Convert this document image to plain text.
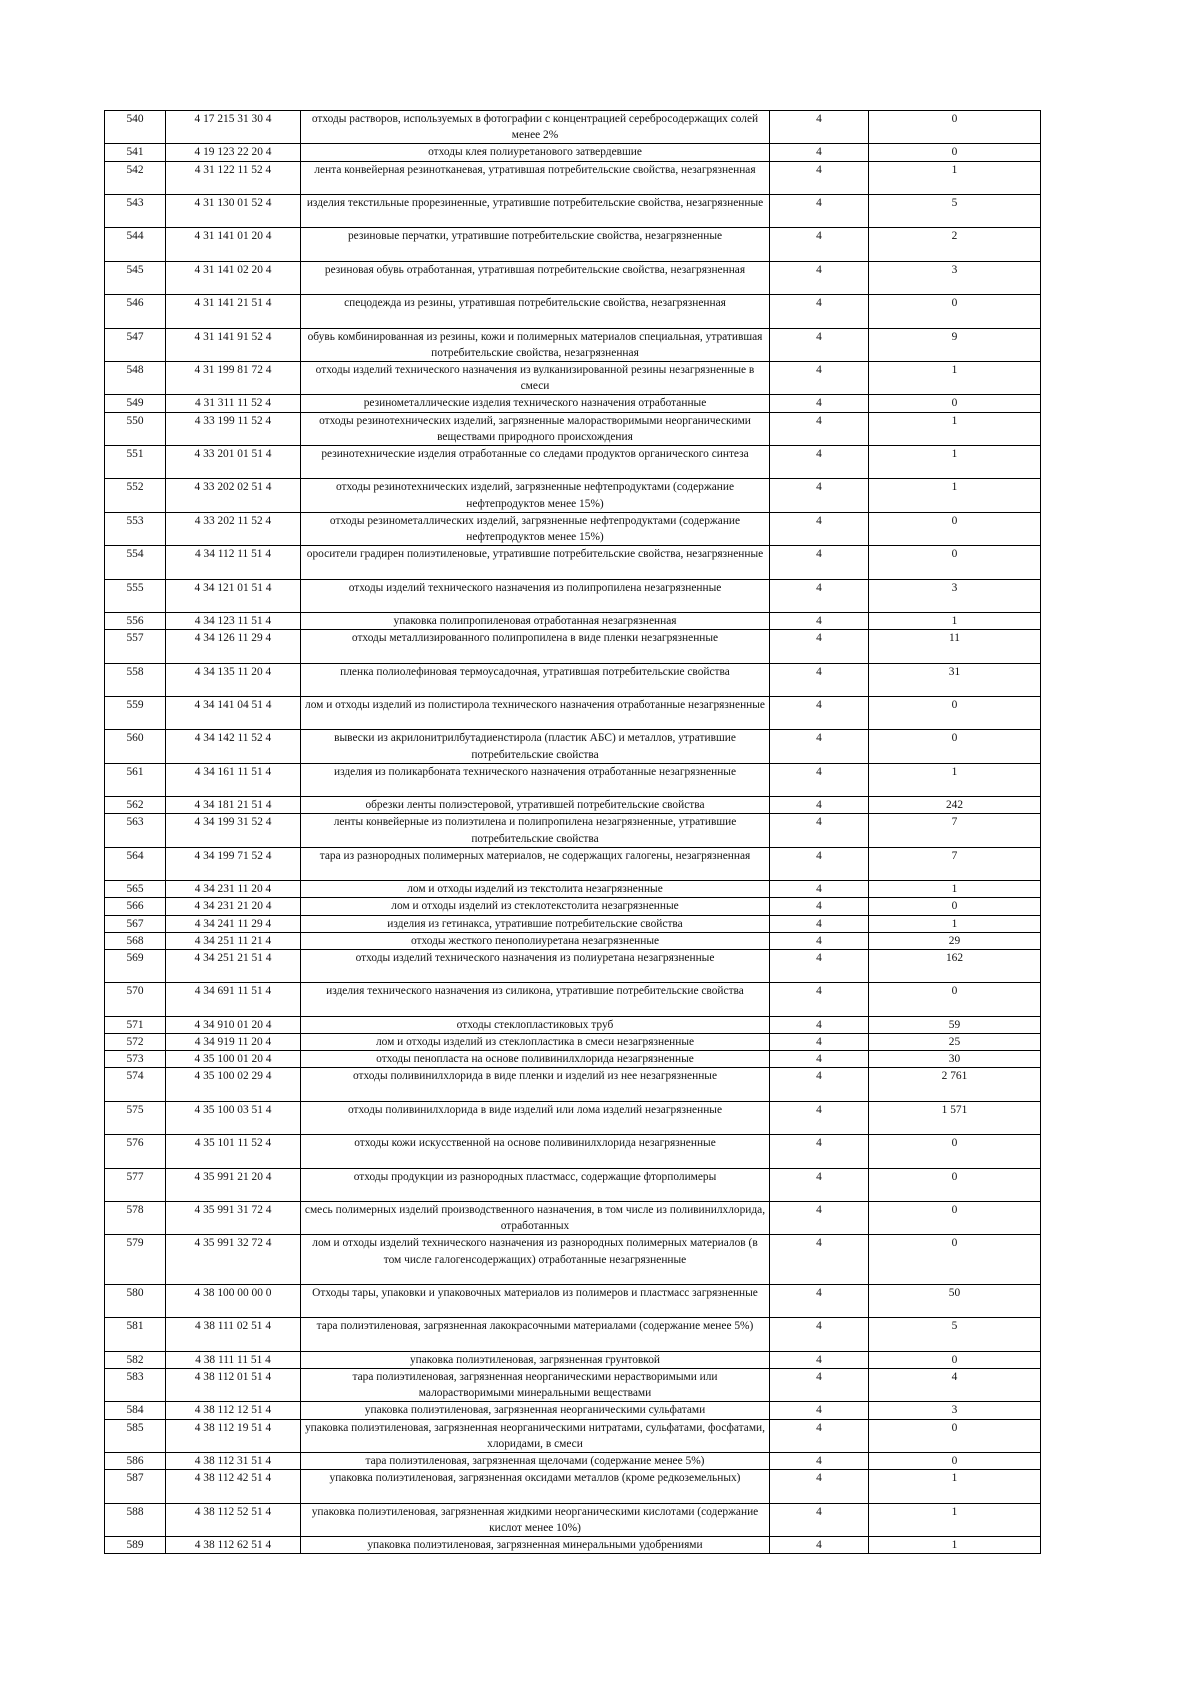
540	4 17 215 31 30 4	отходы растворов, используемых в фотографии с концентрацией серебросодержащих солей менее 2%	4	0
541	4 19 123 22 20 4	отходы клея полиуретанового затвердевшие	4	0
542	4 31 122 11 52 4	лента конвейерная резинотканевая, утратившая потребительские свойства, незагрязненная	4	1
543	4 31 130 01 52 4	изделия текстильные прорезиненные, утратившие потребительские свойства, незагрязненные	4	5
544	4 31 141 01 20 4	резиновые перчатки, утратившие потребительские свойства, незагрязненные	4	2
545	4 31 141 02 20 4	резиновая обувь отработанная, утратившая потребительские свойства, незагрязненная	4	3
546	4 31 141 21 51 4	спецодежда из резины, утратившая потребительские свойства, незагрязненная	4	0
547	4 31 141 91 52 4	обувь комбинированная из резины, кожи и полимерных материалов специальная, утратившая потребительские свойства, незагрязненная	4	9
548	4 31 199 81 72 4	отходы изделий технического назначения из вулканизированной резины незагрязненные в смеси	4	1
549	4 31 311 11 52 4	резинометаллические изделия технического назначения отработанные	4	0
550	4 33 199 11 52 4	отходы резинотехнических изделий, загрязненные малорастворимыми неорганическими веществами природного происхождения	4	1
551	4 33 201 01 51 4	резинотехнические изделия отработанные со следами продуктов органического синтеза	4	1
552	4 33 202 02 51 4	отходы резинотехнических изделий, загрязненные нефтепродуктами (содержание нефтепродуктов менее 15%)	4	1
553	4 33 202 11 52 4	отходы резинометаллических изделий, загрязненные нефтепродуктами (содержание нефтепродуктов менее 15%)	4	0
554	4 34 112 11 51 4	оросители градирен полиэтиленовые, утратившие потребительские свойства, незагрязненные	4	0
555	4 34 121 01 51 4	отходы изделий технического назначения из полипропилена незагрязненные	4	3
556	4 34 123 11 51 4	упаковка полипропиленовая отработанная незагрязненная	4	1
557	4 34 126 11 29 4	отходы металлизированного полипропилена в виде пленки незагрязненные	4	11
558	4 34 135 11 20 4	пленка полиолефиновая термоусадочная, утратившая потребительские свойства	4	31
559	4 34 141 04 51 4	лом и отходы изделий из полистирола технического назначения отработанные незагрязненные	4	0
560	4 34 142 11 52 4	вывески из акрилонитрилбутадиенстирола (пластик АБС) и металлов, утратившие потребительские свойства	4	0
561	4 34 161 11 51 4	изделия из поликарбоната технического назначения отработанные незагрязненные	4	1
562	4 34 181 21 51 4	обрезки ленты полиэстеровой, утратившей потребительские свойства	4	242
563	4 34 199 31 52 4	ленты конвейерные из полиэтилена и полипропилена незагрязненные, утратившие потребительские свойства	4	7
564	4 34 199 71 52 4	тара из разнородных полимерных материалов, не содержащих галогены, незагрязненная	4	7
565	4 34 231 11 20 4	лом и отходы изделий из текстолита незагрязненные	4	1
566	4 34 231 21 20 4	лом и отходы изделий из стеклотекстолита незагрязненные	4	0
567	4 34 241 11 29 4	изделия из гетинакса, утратившие потребительские свойства	4	1
568	4 34 251 11 21 4	отходы жесткого пенополиуретана незагрязненные	4	29
569	4 34 251 21 51 4	отходы изделий технического назначения из полиуретана незагрязненные	4	162
570	4 34 691 11 51 4	изделия технического назначения из силикона, утратившие потребительские свойства	4	0
571	4 34 910 01 20 4	отходы стеклопластиковых труб	4	59
572	4 34 919 11 20 4	лом и отходы изделий из стеклопластика в смеси незагрязненные	4	25
573	4 35 100 01 20 4	отходы пенопласта на основе поливинилхлорида незагрязненные	4	30
574	4 35 100 02 29 4	отходы поливинилхлорида в виде пленки и изделий из нее незагрязненные	4	2 761
575	4 35 100 03 51 4	отходы поливинилхлорида в виде изделий или лома изделий незагрязненные	4	1 571
576	4 35 101 11 52 4	отходы кожи искусственной на основе поливинилхлорида незагрязненные	4	0
577	4 35 991 21 20 4	отходы продукции из разнородных пластмасс, содержащие фторполимеры	4	0
578	4 35 991 31 72 4	смесь полимерных изделий производственного назначения, в том числе из поливинилхлорида, отработанных	4	0
579	4 35 991 32 72 4	лом и отходы изделий технического назначения из разнородных полимерных материалов (в том числе галогенсодержащих) отработанные незагрязненные	4	0
580	4 38 100 00 00 0	Отходы тары, упаковки и упаковочных материалов из полимеров и пластмасс загрязненные	4	50
581	4 38 111 02 51 4	тара полиэтиленовая, загрязненная лакокрасочными материалами (содержание менее 5%)	4	5
582	4 38 111 11 51 4	упаковка полиэтиленовая, загрязненная грунтовкой	4	0
583	4 38 112 01 51 4	тара полиэтиленовая, загрязненная неорганическими нерастворимыми или малорастворимыми минеральными веществами	4	4
584	4 38 112 12 51 4	упаковка полиэтиленовая, загрязненная неорганическими сульфатами	4	3
585	4 38 112 19 51 4	упаковка полиэтиленовая, загрязненная неорганическими нитратами, сульфатами, фосфатами, хлоридами, в смеси	4	0
586	4 38 112 31 51 4	тара полиэтиленовая, загрязненная щелочами (содержание менее 5%)	4	0
587	4 38 112 42 51 4	упаковка полиэтиленовая, загрязненная оксидами металлов (кроме редкоземельных)	4	1
588	4 38 112 52 51 4	упаковка полиэтиленовая, загрязненная жидкими неорганическими кислотами (содержание кислот менее 10%)	4	1
589	4 38 112 62 51 4	упаковка полиэтиленовая, загрязненная минеральными удобрениями	4	1
